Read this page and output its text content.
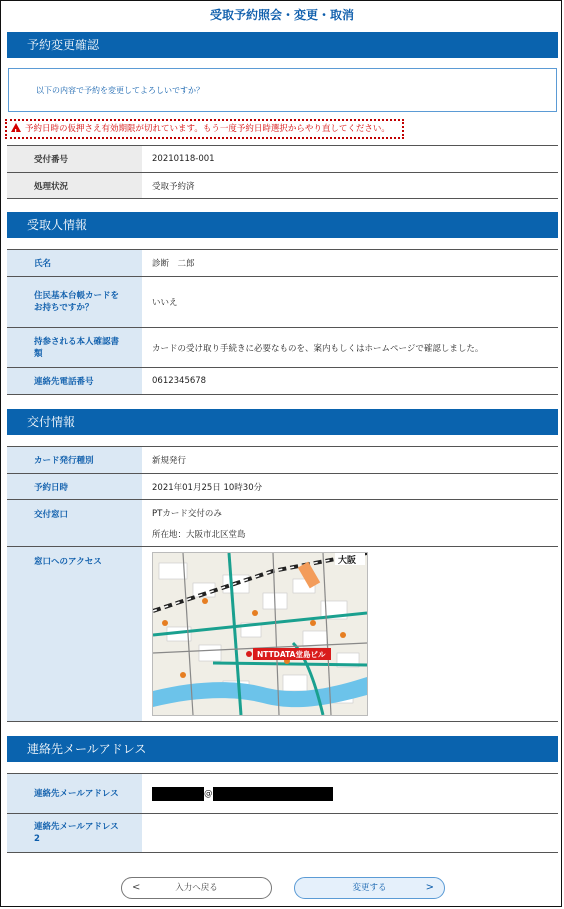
受取予約照会・変更・取消
予約変更確認
以下の内容で予約を変更してよろしいですか？
!予約日時の仮押さえ有効期限が切れています。もう一度予約日時選択からやり直してください。
受付番号	20210118-001
処理状況	受取予約済
受取人情報
氏名	診断　二郎
住民基本台帳カードをお持ちですか？	いいえ
持参される本人確認書類	カードの受け取り手続きに必要なものを、案内もしくはホームページで確認しました。
連絡先電話番号	0612345678
交付情報
カード発行種別	新規発行
予約日時	2021年01月25日 10時30分
交付窓口	PTカード交付のみ
所在地：大阪市北区堂島
窓口へのアクセス	大阪
NTTDATA堂島ビル
連絡先メールアドレス
連絡先メールアドレス	@
連絡先メールアドレス2
<	入力へ戻る	変更する	>
